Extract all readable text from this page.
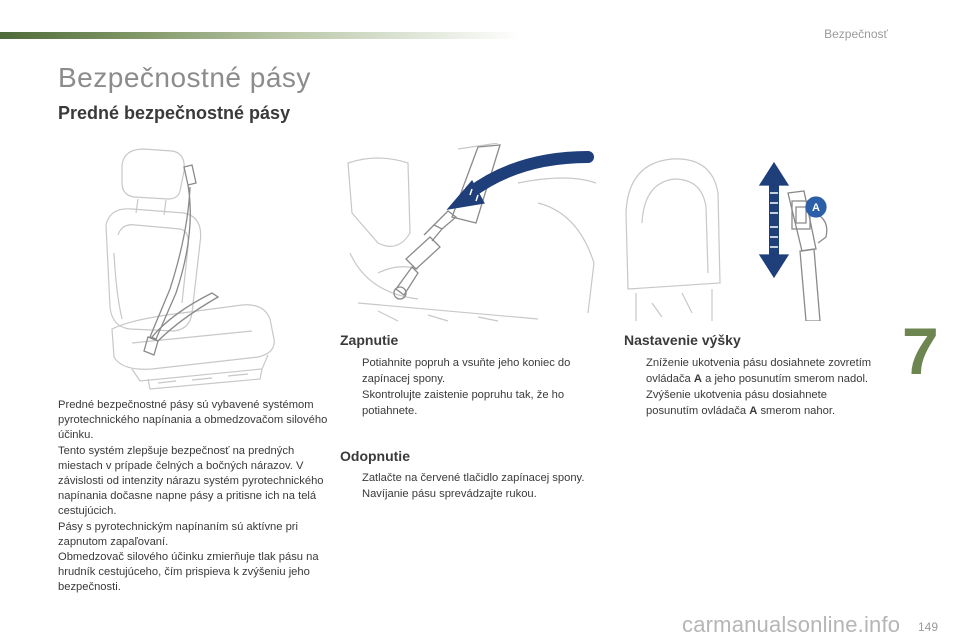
Bezpečnosť
Bezpečnostné pásy
Predné bezpečnostné pásy
A

Predné bezpečnostné pásy sú vybavené systémom pyrotechnického napínania a obmedzovačom silového účinku.

Tento systém zlepšuje bezpečnosť na predných miestach v prípade čelných a bočných nárazov. V závislosti od intenzity nárazu systém pyrotechnického napínania dočasne napne pásy a pritisne ich na telá cestujúcich.

Pásy s pyrotechnickým napínaním sú aktívne pri zapnutom zapaľovaní.

Obmedzovač silového účinku zmierňuje tlak pásu na hrudník cestujúceho, čím prispieva k zvýšeniu jeho bezpečnosti.

Zapnutie
Potiahnite popruh a vsuňte jeho koniec do zapínacej spony.
Skontrolujte zaistenie popruhu tak, že ho potiahnete.
Odopnutie
Zatlačte na červené tlačidlo zapínacej spony.
Navíjanie pásu sprevádzajte rukou.
Nastavenie výšky
Zníženie ukotvenia pásu dosiahnete zovretím ovládača A a jeho posunutím smerom nadol.
Zvýšenie ukotvenia pásu dosiahnete posunutím ovládača A smerom nahor.
7
149
carmanualsonline.info
